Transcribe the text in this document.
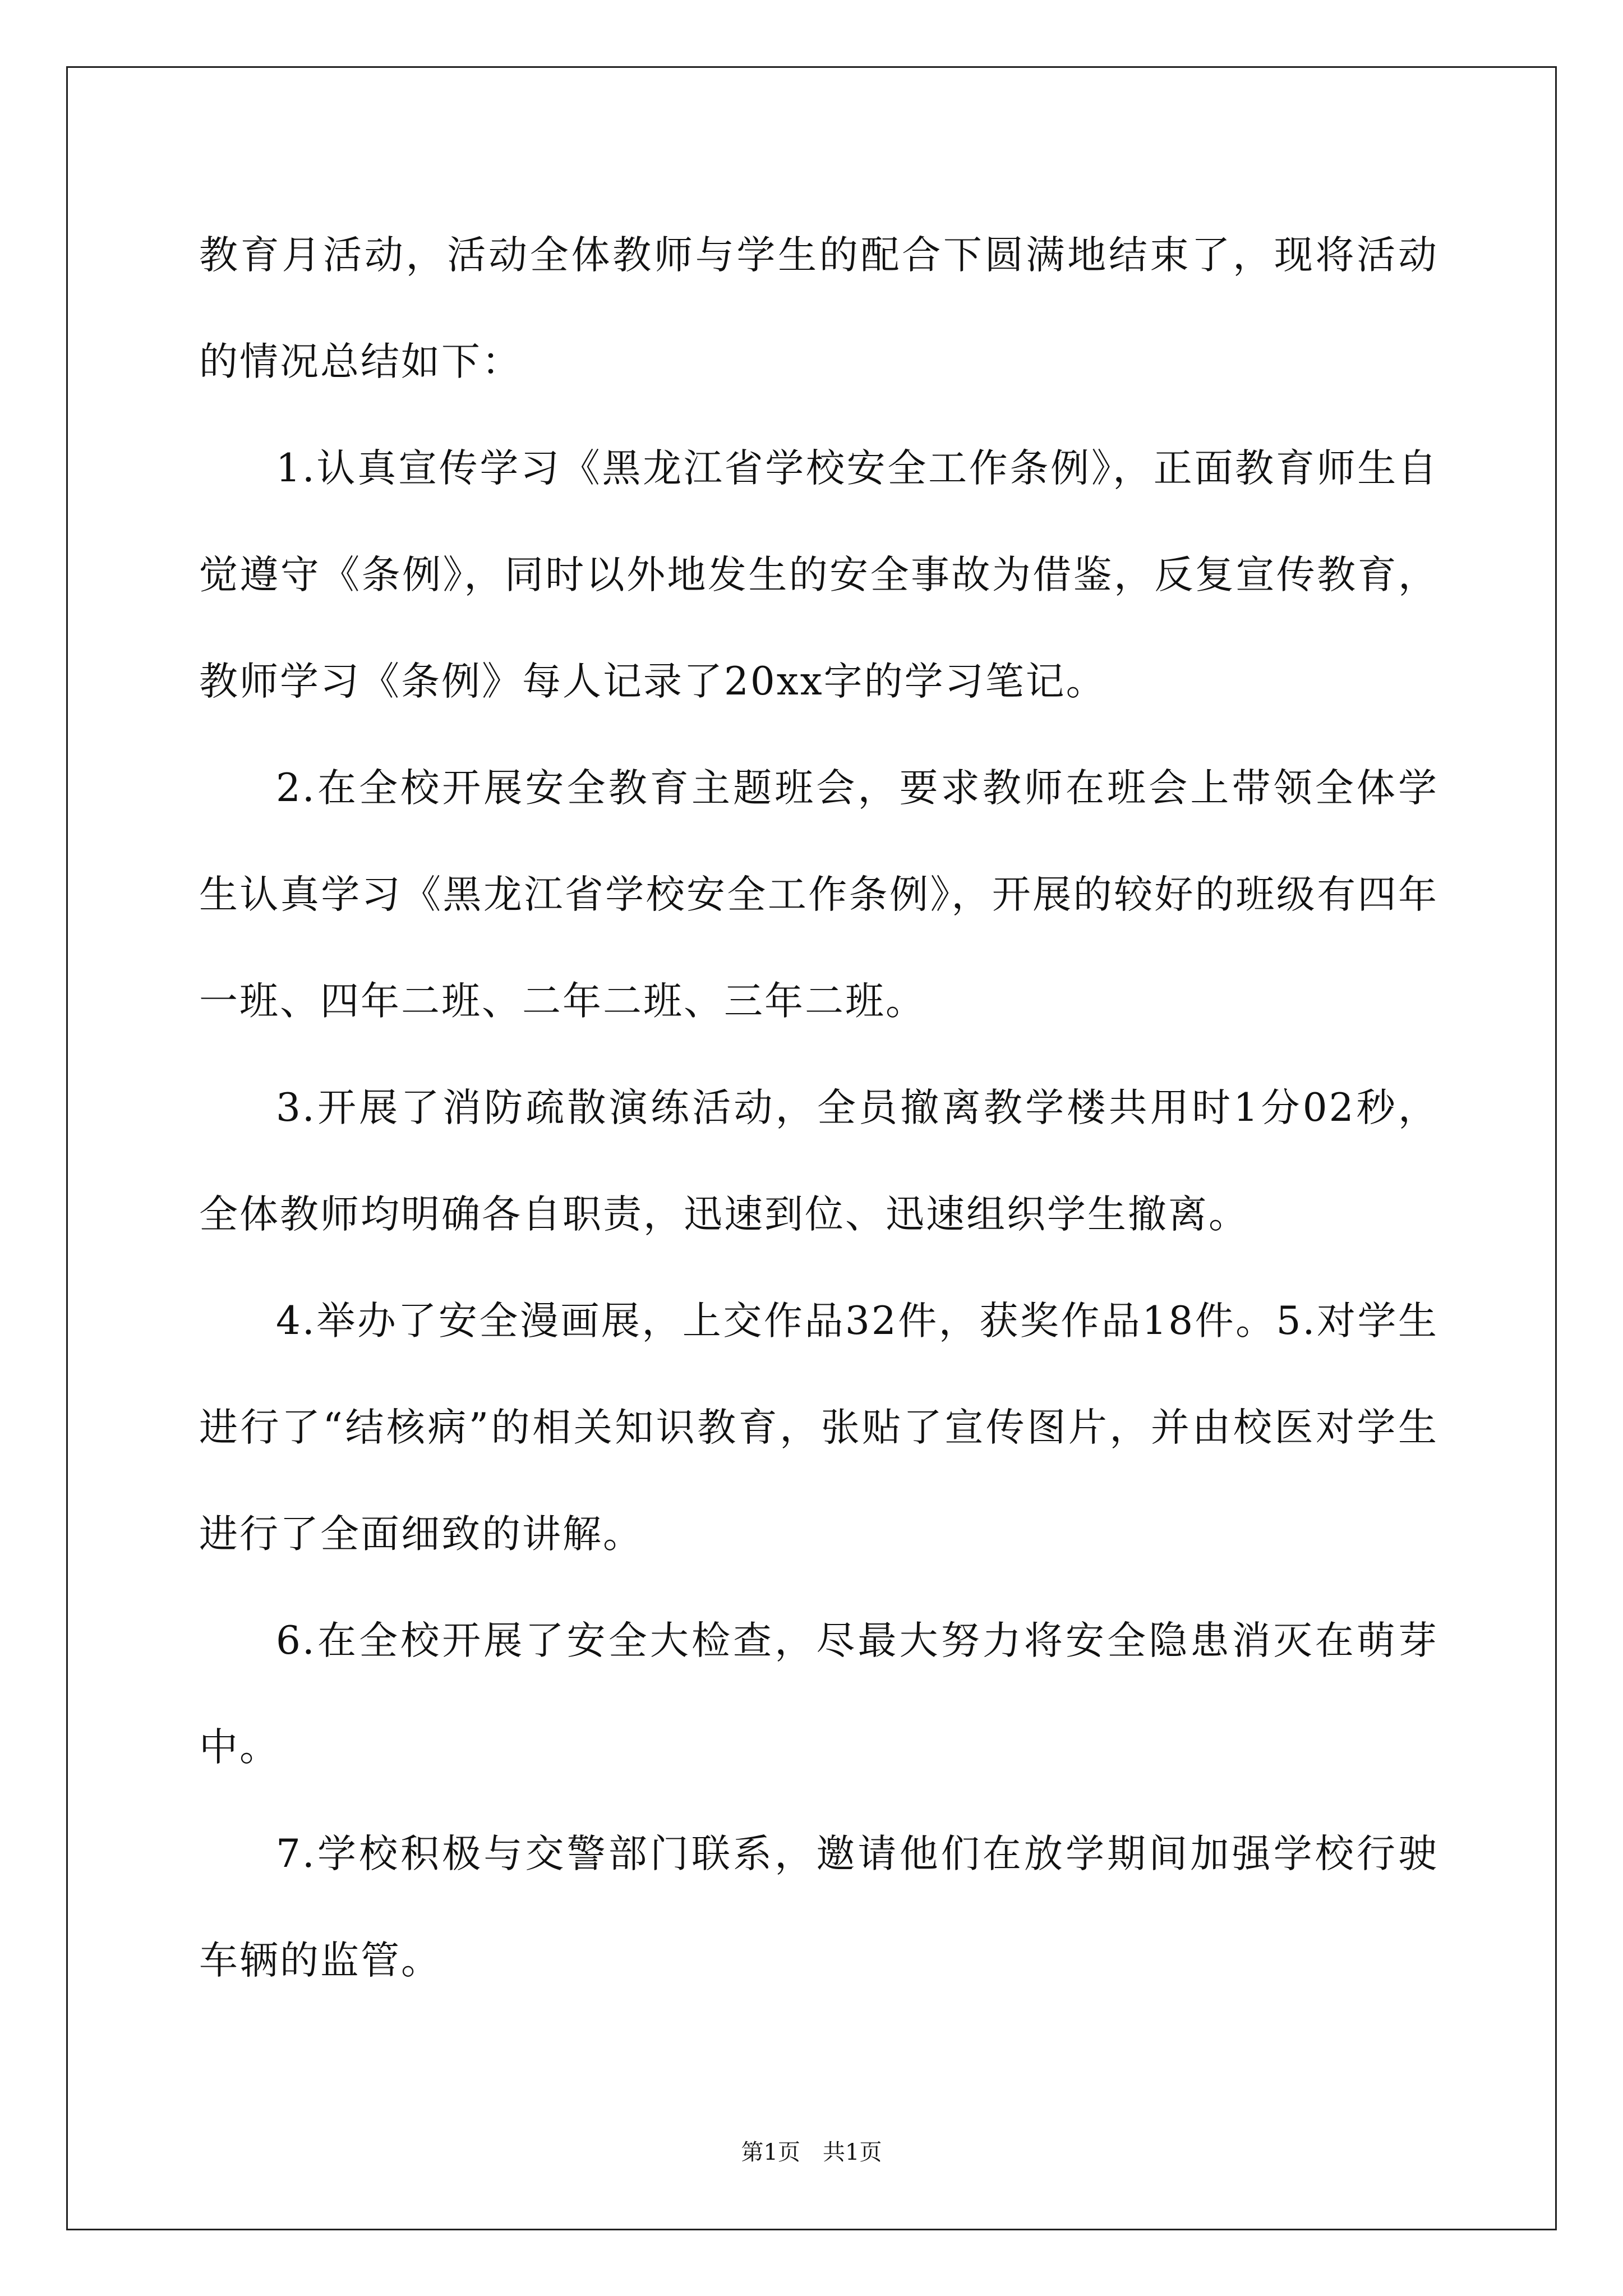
教育月活动，活动全体教师与学生的配合下圆满地结束了，现将活动的情况总结如下：

1.认真宣传学习《黑龙江省学校安全工作条例》，正面教育师生自觉遵守《条例》，同时以外地发生的安全事故为借鉴，反复宣传教育，教师学习《条例》每人记录了20xx字的学习笔记。

2.在全校开展安全教育主题班会，要求教师在班会上带领全体学生认真学习《黑龙江省学校安全工作条例》，开展的较好的班级有四年一班、四年二班、二年二班、三年二班。

3.开展了消防疏散演练活动，全员撤离教学楼共用时1分02秒，全体教师均明确各自职责，迅速到位、迅速组织学生撤离。

4.举办了安全漫画展，上交作品32件，获奖作品18件。5.对学生进行了“结核病”的相关知识教育，张贴了宣传图片，并由校医对学生进行了全面细致的讲解。

6.在全校开展了安全大检查，尽最大努力将安全隐患消灭在萌芽中。

7.学校积极与交警部门联系，邀请他们在放学期间加强学校行驶车辆的监管。

第1页　共1页
